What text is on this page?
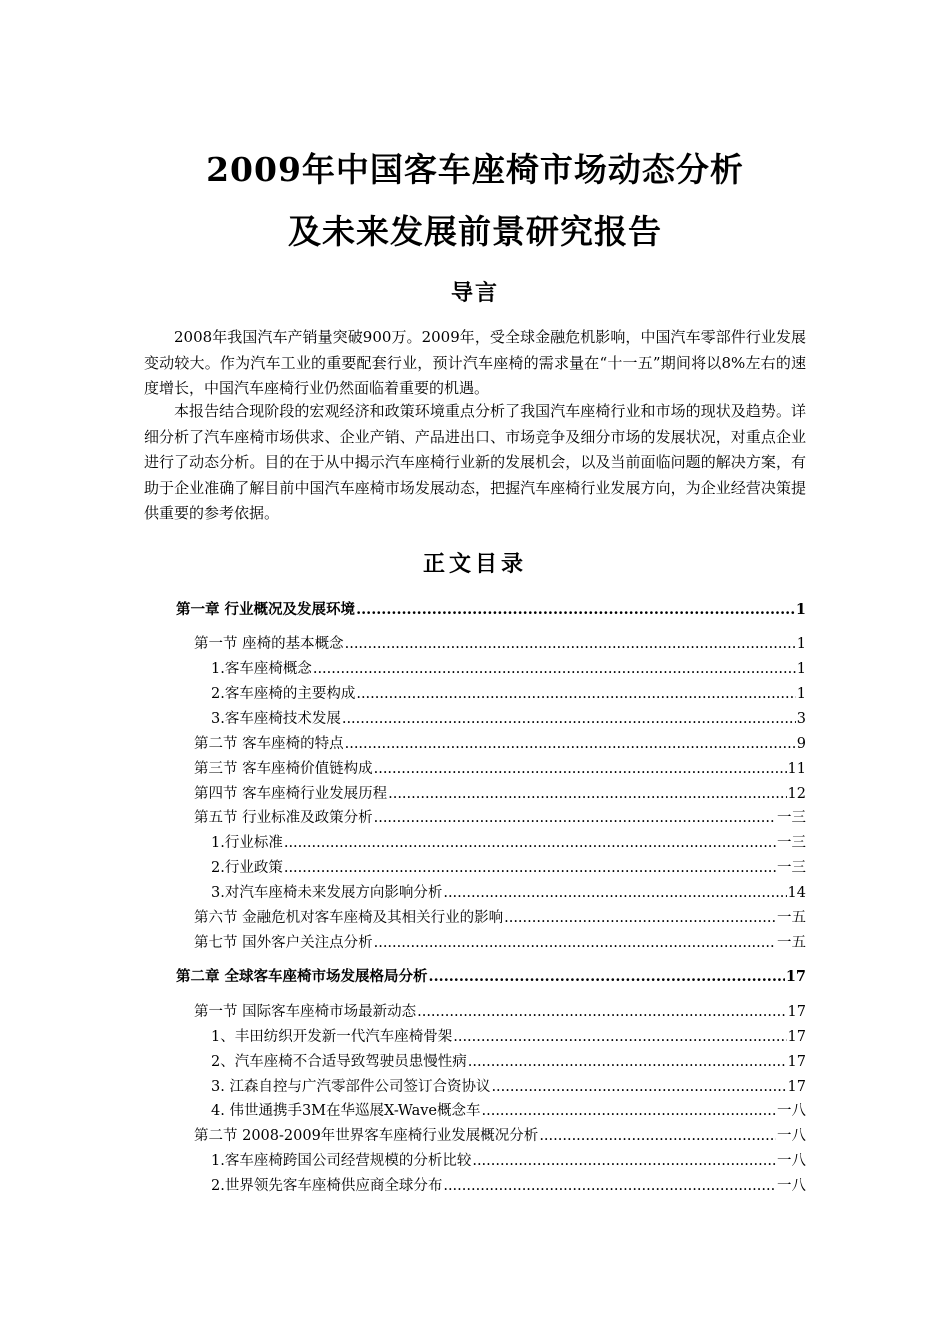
2009年中国客车座椅市场动态分析
及未来发展前景研究报告
导言
2008年我国汽车产销量突破900万。2009年，受全球金融危机影响，中国汽车零部件行业发展变动较大。作为汽车工业的重要配套行业，预计汽车座椅的需求量在“十一五”期间将以8%左右的速度增长，中国汽车座椅行业仍然面临着重要的机遇。
本报告结合现阶段的宏观经济和政策环境重点分析了我国汽车座椅行业和市场的现状及趋势。详细分析了汽车座椅市场供求、企业产销、产品进出口、市场竞争及细分市场的发展状况，对重点企业进行了动态分析。目的在于从中揭示汽车座椅行业新的发展机会，以及当前面临问题的解决方案，有助于企业准确了解目前中国汽车座椅市场发展动态，把握汽车座椅行业发展方向，为企业经营决策提供重要的参考依据。
正文目录
第一章 行业概况及发展环境 .....	1
第一节 座椅的基本概念 .....	1
1.客车座椅概念 .....	1
2.客车座椅的主要构成 .....	1
3.客车座椅技术发展 .....	3
第二节 客车座椅的特点 .....	9
第三节 客车座椅价值链构成 .....	11
第四节 客车座椅行业发展历程 .....	12
第五节 行业标准及政策分析 .....	一三
1.行业标准 .....	一三
2.行业政策 .....	一三
3.对汽车座椅未来发展方向影响分析 .....	14
第六节 金融危机对客车座椅及其相关行业的影响 .....	一五
第七节 国外客户关注点分析 .....	一五
第二章 全球客车座椅市场发展格局分析 .....	17
第一节 国际客车座椅市场最新动态 .....	17
1、丰田纺织开发新一代汽车座椅骨架 .....	17
2、汽车座椅不合适导致驾驶员患慢性病 .....	17
3. 江森自控与广汽零部件公司签订合资协议 .....	17
4. 伟世通携手3M在华巡展X-Wave概念车 .....	一八
第二节 2008-2009年世界客车座椅行业发展概况分析 .....	一八
1.客车座椅跨国公司经营规模的分析比较 .....	一八
2.世界领先客车座椅供应商全球分布 .....	一八
